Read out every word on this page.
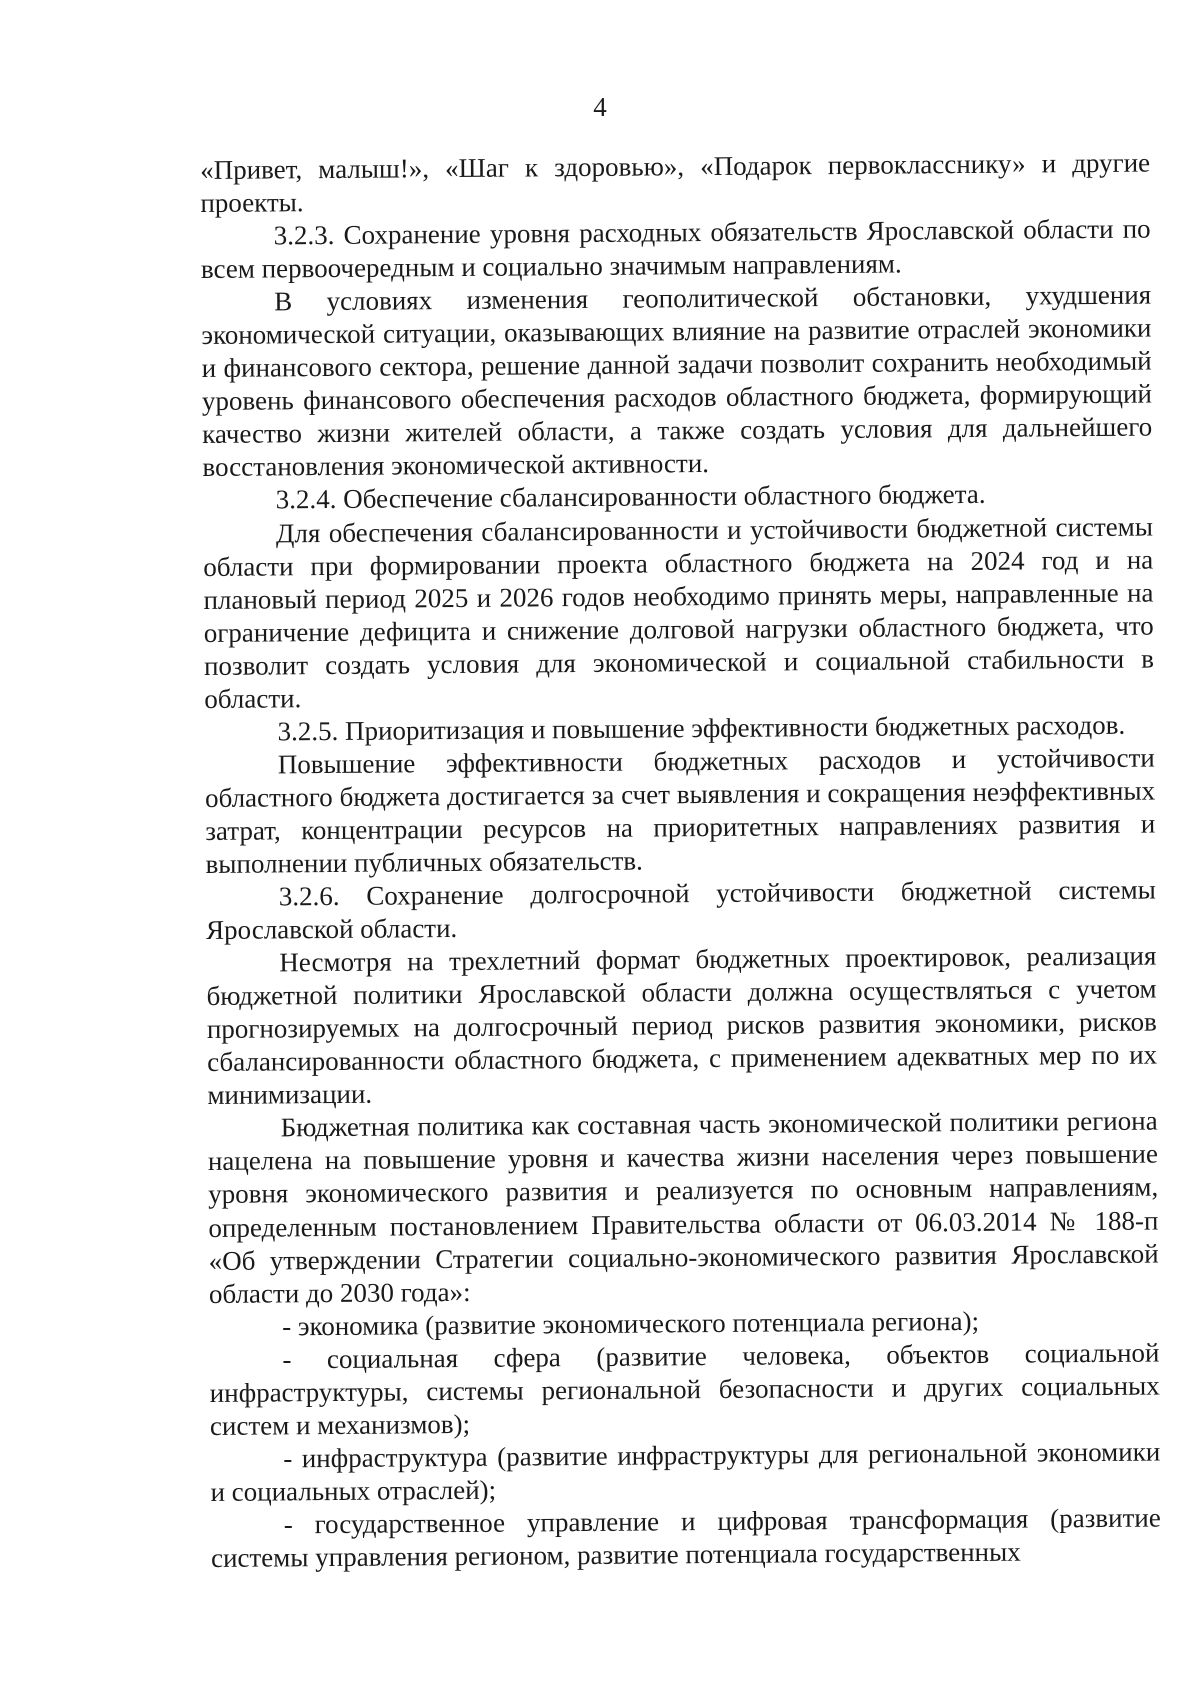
4

«Привет, малыш!», «Шаг к здоровью», «Подарок первокласснику» и другие проекты.

3.2.3. Сохранение уровня расходных обязательств Ярославской области по всем первоочередным и социально значимым направлениям.

В условиях изменения геополитической обстановки, ухудшения экономической ситуации, оказывающих влияние на развитие отраслей экономики и финансового сектора, решение данной задачи позволит сохранить необходимый уровень финансового обеспечения расходов областного бюджета, формирующий качество жизни жителей области, а также создать условия для дальнейшего восстановления экономической активности.

3.2.4. Обеспечение сбалансированности областного бюджета.

Для обеспечения сбалансированности и устойчивости бюджетной системы области при формировании проекта областного бюджета на 2024 год и на плановый период 2025 и 2026 годов необходимо принять меры, направленные на ограничение дефицита и снижение долговой нагрузки областного бюджета, что позволит создать условия для экономической и социальной стабильности в области.

3.2.5. Приоритизация и повышение эффективности бюджетных расходов.

Повышение эффективности бюджетных расходов и устойчивости областного бюджета достигается за счет выявления и сокращения неэффективных затрат, концентрации ресурсов на приоритетных направлениях развития и выполнении публичных обязательств.

3.2.6. Сохранение долгосрочной устойчивости бюджетной системы Ярославской области.

Несмотря на трехлетний формат бюджетных проектировок, реализация бюджетной политики Ярославской области должна осуществляться с учетом прогнозируемых на долгосрочный период рисков развития экономики, рисков сбалансированности областного бюджета, с применением адекватных мер по их минимизации.

Бюджетная политика как составная часть экономической политики региона нацелена на повышение уровня и качества жизни населения через повышение уровня экономического развития и реализуется по основным направлениям, определенным постановлением Правительства области от 06.03.2014 № 188-п «Об утверждении Стратегии социально-экономического развития Ярославской области до 2030 года»:

- экономика (развитие экономического потенциала региона);

- социальная сфера (развитие человека, объектов социальной инфраструктуры, системы региональной безопасности и других социальных систем и механизмов);

- инфраструктура (развитие инфраструктуры для региональной экономики и социальных отраслей);

- государственное управление и цифровая трансформация (развитие системы управления регионом, развитие потенциала государственных
